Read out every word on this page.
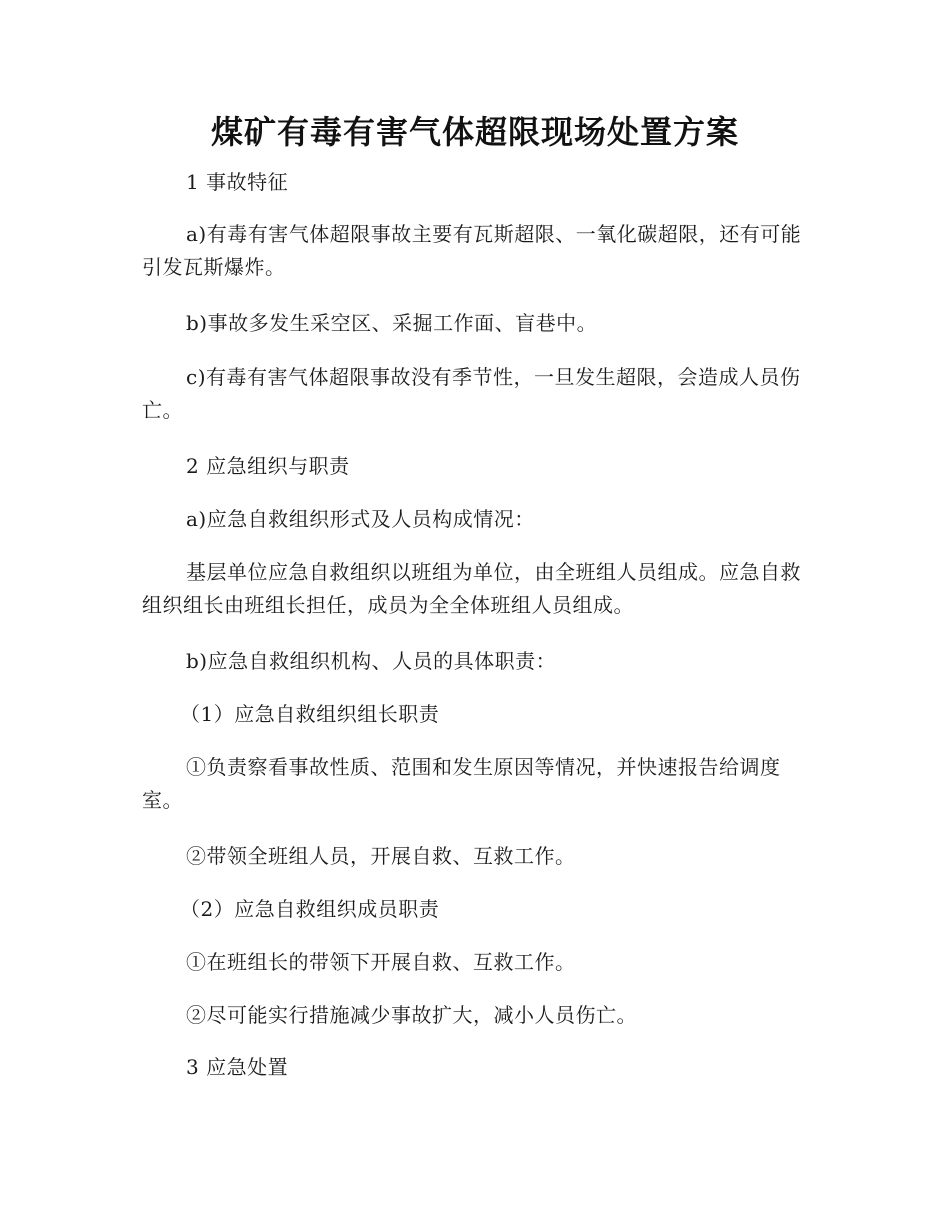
煤矿有毒有害气体超限现场处置方案

1 事故特征

a)有毒有害气体超限事故主要有瓦斯超限、一氧化碳超限，还有可能引发瓦斯爆炸。

b)事故多发生采空区、采掘工作面、盲巷中。

c)有毒有害气体超限事故没有季节性，一旦发生超限，会造成人员伤亡。

2 应急组织与职责

a)应急自救组织形式及人员构成情况：

基层单位应急自救组织以班组为单位，由全班组人员组成。应急自救组织组长由班组长担任，成员为全全体班组人员组成。

b)应急自救组织机构、人员的具体职责：

（1）应急自救组织组长职责

①负责察看事故性质、范围和发生原因等情况，并快速报告给调度室。

②带领全班组人员，开展自救、互救工作。

（2）应急自救组织成员职责

①在班组长的带领下开展自救、互救工作。

②尽可能实行措施减少事故扩大，减小人员伤亡。

3 应急处置
